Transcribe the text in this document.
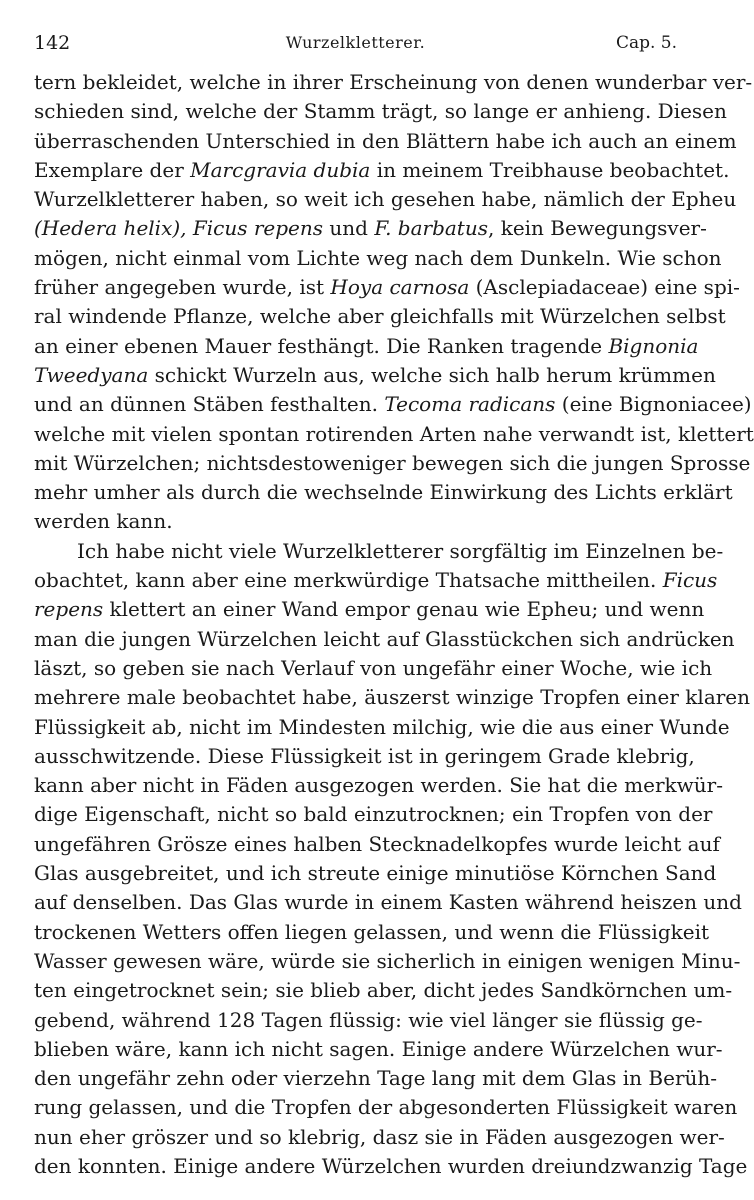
142	Wurzelkletterer.	Cap. 5.
tern bekleidet, welche in ihrer Erscheinung von denen wunderbar ver-
schieden sind, welche der Stamm trägt, so lange er anhieng. Diesen
überraschenden Unterschied in den Blättern habe ich auch an einem
Exemplare der Marcgravia dubia in meinem Treibhause beobachtet.
Wurzelkletterer haben, so weit ich gesehen habe, nämlich der Epheu
(Hedera helix), Ficus repens und F. barbatus, kein Bewegungsver-
mögen, nicht einmal vom Lichte weg nach dem Dunkeln. Wie schon
früher angegeben wurde, ist Hoya carnosa (Asclepiadaceae) eine spi-
ral windende Pflanze, welche aber gleichfalls mit Würzelchen selbst
an einer ebenen Mauer festhängt. Die Ranken tragende Bignonia
Tweedyana schickt Wurzeln aus, welche sich halb herum krümmen
und an dünnen Stäben festhalten. Tecoma radicans (eine Bignoniacee)
welche mit vielen spontan rotirenden Arten nahe verwandt ist, klettert
mit Würzelchen; nichtsdestoweniger bewegen sich die jungen Sprosse
mehr umher als durch die wechselnde Einwirkung des Lichts erklärt
werden kann.
Ich habe nicht viele Wurzelkletterer sorgfältig im Einzelnen be-
obachtet, kann aber eine merkwürdige Thatsache mittheilen. Ficus
repens klettert an einer Wand empor genau wie Epheu; und wenn
man die jungen Würzelchen leicht auf Glasstückchen sich andrücken
läszt, so geben sie nach Verlauf von ungefähr einer Woche, wie ich
mehrere male beobachtet habe, äuszerst winzige Tropfen einer klaren
Flüssigkeit ab, nicht im Mindesten milchig, wie die aus einer Wunde
ausschwitzende. Diese Flüssigkeit ist in geringem Grade klebrig,
kann aber nicht in Fäden ausgezogen werden. Sie hat die merkwür-
dige Eigenschaft, nicht so bald einzutrocknen; ein Tropfen von der
ungefähren Grösze eines halben Stecknadelkopfes wurde leicht auf
Glas ausgebreitet, und ich streute einige minutiöse Körnchen Sand
auf denselben. Das Glas wurde in einem Kasten während heiszen und
trockenen Wetters offen liegen gelassen, und wenn die Flüssigkeit
Wasser gewesen wäre, würde sie sicherlich in einigen wenigen Minu-
ten eingetrocknet sein; sie blieb aber, dicht jedes Sandkörnchen um-
gebend, während 128 Tagen flüssig: wie viel länger sie flüssig ge-
blieben wäre, kann ich nicht sagen. Einige andere Würzelchen wur-
den ungefähr zehn oder vierzehn Tage lang mit dem Glas in Berüh-
rung gelassen, und die Tropfen der abgesonderten Flüssigkeit waren
nun eher gröszer und so klebrig, dasz sie in Fäden ausgezogen wer-
den konnten. Einige andere Würzelchen wurden dreiundzwanzig Tage
